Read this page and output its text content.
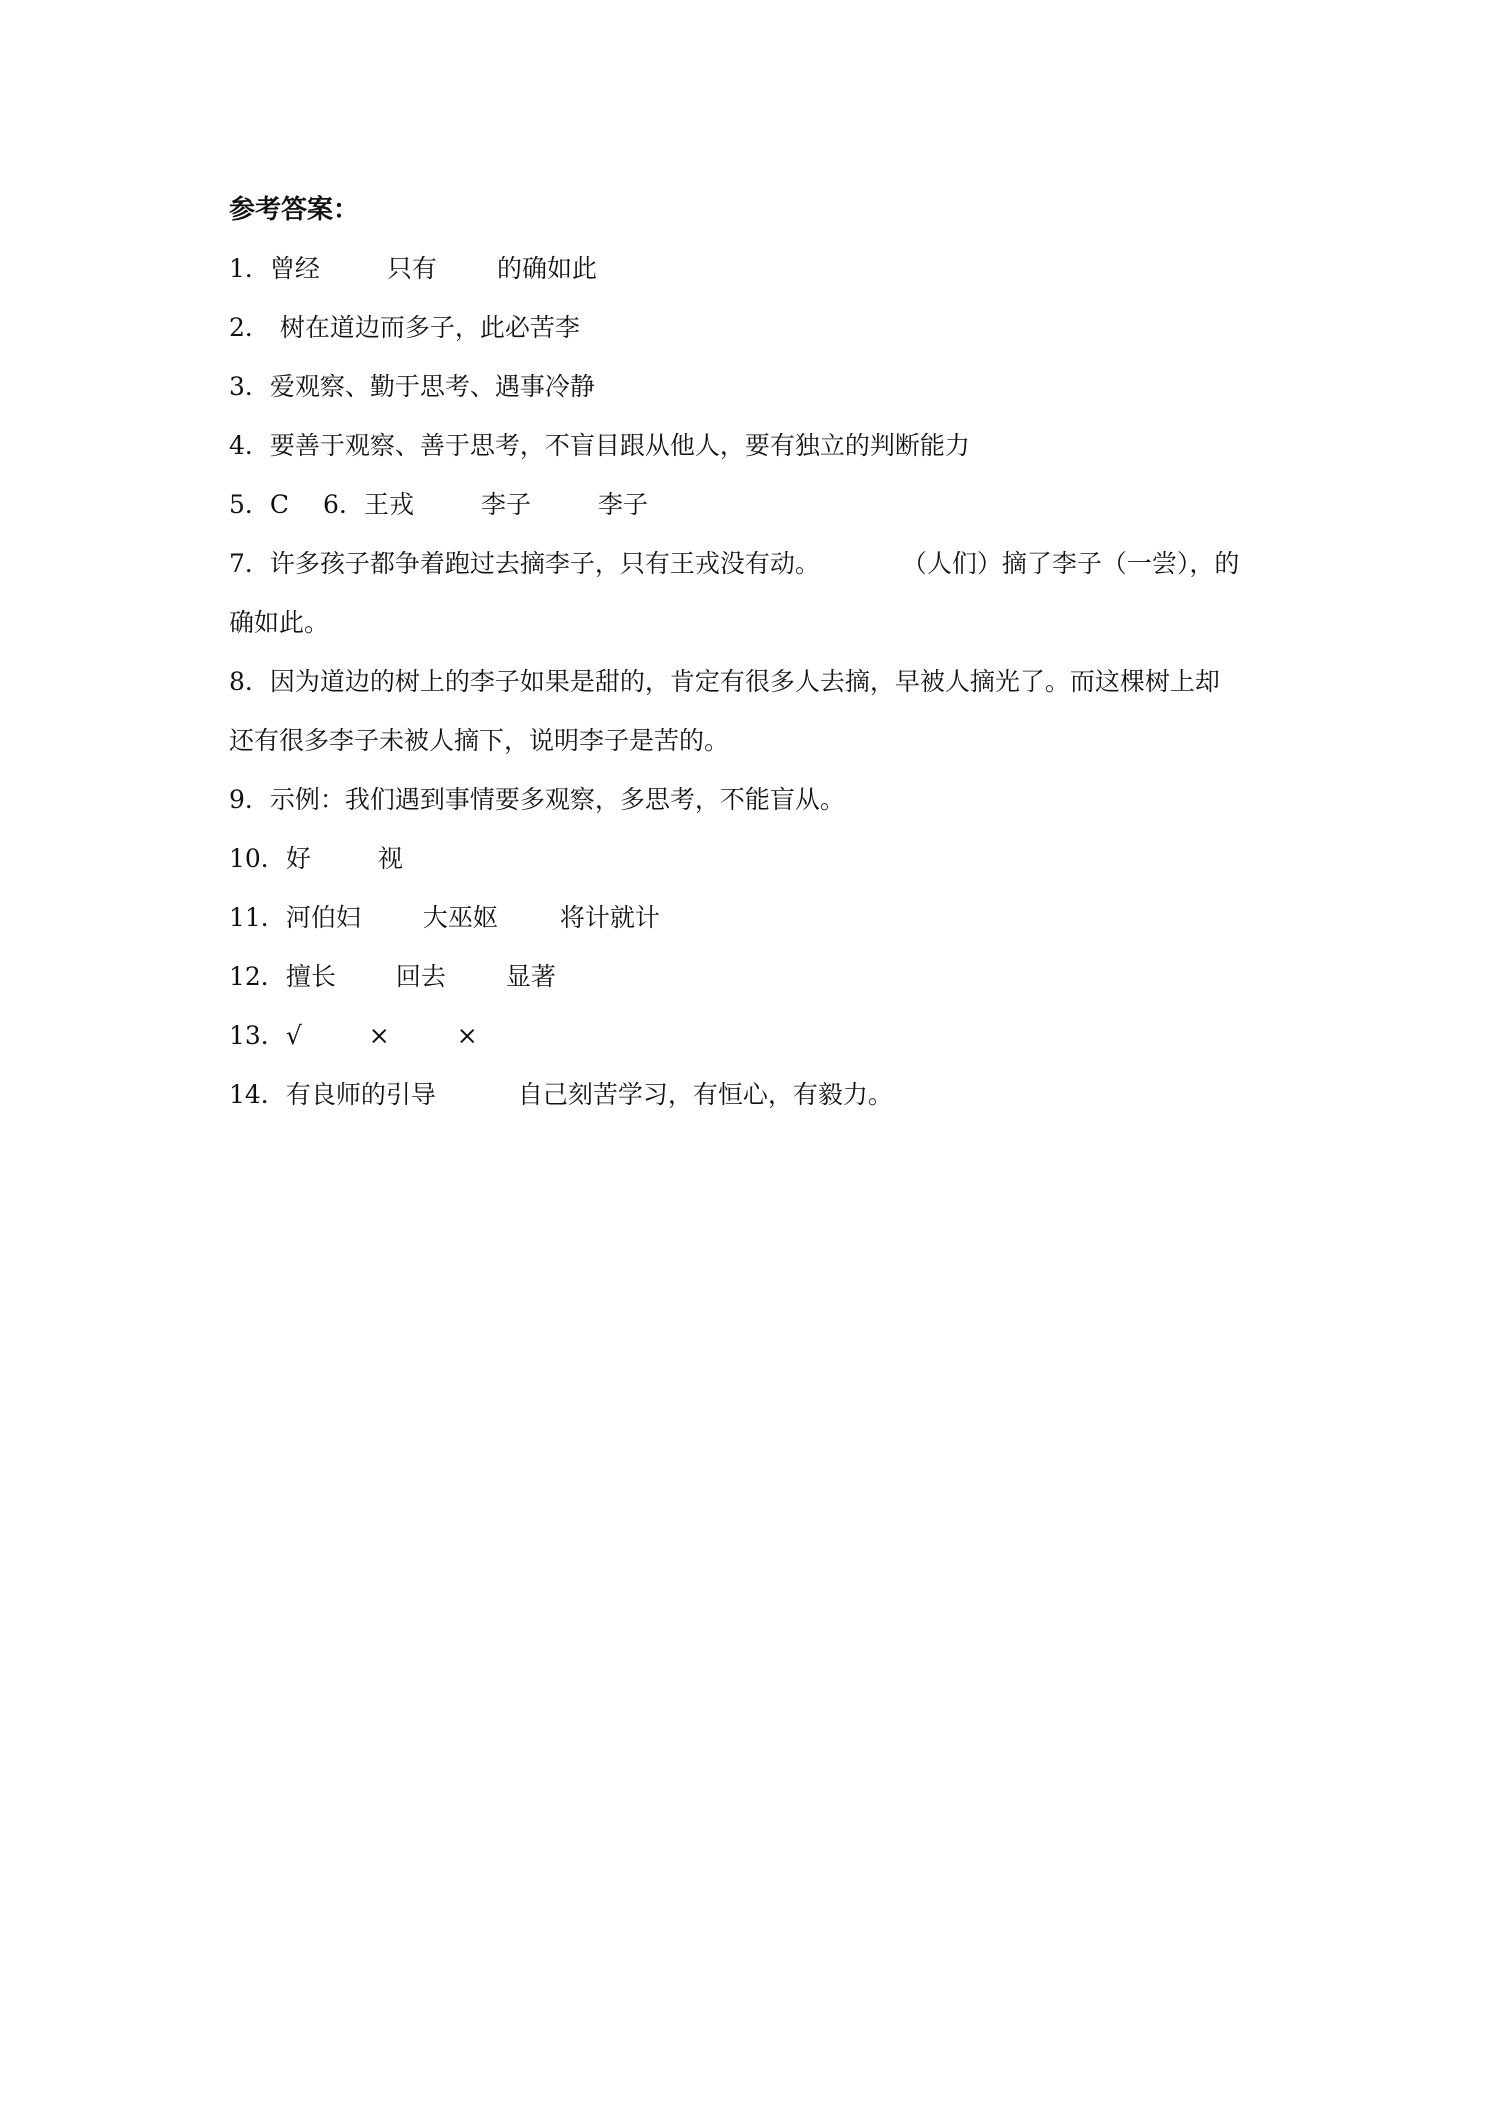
参考答案：
1．曾经	只有 的确如此
2． 树在道边而多子，此必苦李
3．爱观察、勤于思考、遇事冷静
4．要善于观察、善于思考，不盲目跟从他人，要有独立的判断能力
5．C 6．王戎	李子	李子
7．许多孩子都争着跑过去摘李子，只有王戎没有动。	（人们）摘了李子（一尝），的
确如此。
8．因为道边的树上的李子如果是甜的，肯定有很多人去摘，早被人摘光了。而这棵树上却
还有很多李子未被人摘下，说明李子是苦的。
9．示例：我们遇到事情要多观察，多思考，不能盲从。
10．好	视
11．河伯妇 大巫妪 将计就计
12．擅长 回去 显著
13．√	×	×
14．有良师的引导	自己刻苦学习，有恒心，有毅力。
